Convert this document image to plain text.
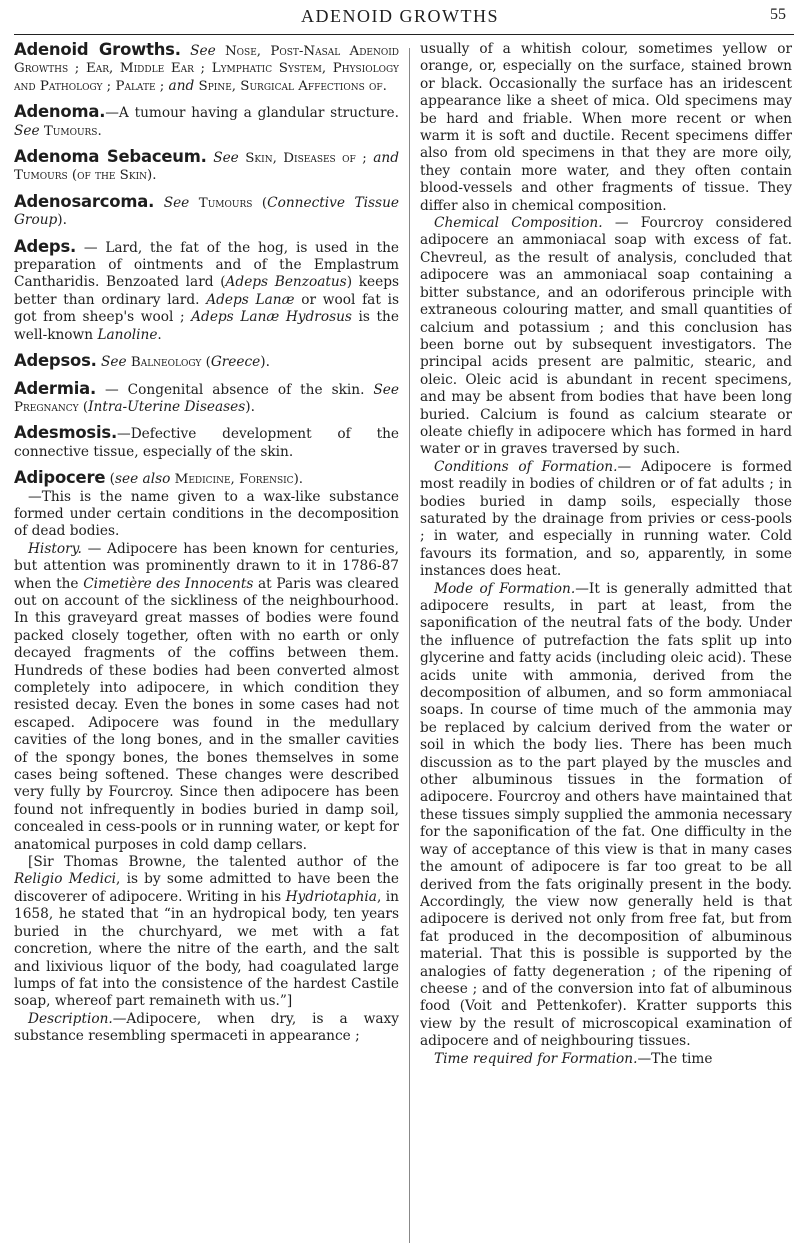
ADENOID GROWTHS	55

Adenoid Growths. See Nose, Post-Nasal Adenoid Growths ; Ear, Middle Ear ; Lymphatic System, Physiology and Pathology ; Palate ; and Spine, Surgical Affections of.

Adenoma.—A tumour having a glandular structure. See Tumours.

Adenoma Sebaceum. See Skin, Diseases of ; and Tumours (of the Skin).

Adenosarcoma. See Tumours (Connective Tissue Group).

Adeps. — Lard, the fat of the hog, is used in the preparation of ointments and of the Emplastrum Cantharidis. Benzoated lard (Adeps Benzoatus) keeps better than ordinary lard. Adeps Lanæ or wool fat is got from sheep's wool ; Adeps Lanæ Hydrosus is the well-known Lanoline.

Adepsos. See Balneology (Greece).

Adermia. — Congenital absence of the skin. See Pregnancy (Intra-Uterine Diseases).

Adesmosis.—Defective development of the connective tissue, especially of the skin.

Adipocere (see also Medicine, Forensic).

—This is the name given to a wax-like substance formed under certain conditions in the decomposition of dead bodies.

History. — Adipocere has been known for centuries, but attention was prominently drawn to it in 1786-87 when the Cimetière des Innocents at Paris was cleared out on account of the sickliness of the neighbourhood. In this graveyard great masses of bodies were found packed closely together, often with no earth or only decayed fragments of the coffins between them. Hundreds of these bodies had been converted almost completely into adipocere, in which condition they resisted decay. Even the bones in some cases had not escaped. Adipocere was found in the medullary cavities of the long bones, and in the smaller cavities of the spongy bones, the bones themselves in some cases being softened. These changes were described very fully by Fourcroy. Since then adipocere has been found not infrequently in bodies buried in damp soil, concealed in cess-pools or in running water, or kept for anatomical purposes in cold damp cellars.

[Sir Thomas Browne, the talented author of the Religio Medici, is by some admitted to have been the discoverer of adipocere. Writing in his Hydriotaphia, in 1658, he stated that “in an hydropical body, ten years buried in the churchyard, we met with a fat concretion, where the nitre of the earth, and the salt and lixivious liquor of the body, had coagulated large lumps of fat into the consistence of the hardest Castile soap, whereof part remaineth with us.”]

Description.—Adipocere, when dry, is a waxy substance resembling spermaceti in appearance ;

usually of a whitish colour, sometimes yellow or orange, or, especially on the surface, stained brown or black. Occasionally the surface has an iridescent appearance like a sheet of mica. Old specimens may be hard and friable. When more recent or when warm it is soft and ductile. Recent specimens differ also from old specimens in that they are more oily, they contain more water, and they often contain blood-vessels and other fragments of tissue. They differ also in chemical composition.

Chemical Composition. — Fourcroy considered adipocere an ammoniacal soap with excess of fat. Chevreul, as the result of analysis, concluded that adipocere was an ammoniacal soap containing a bitter substance, and an odoriferous principle with extraneous colouring matter, and small quantities of calcium and potassium ; and this conclusion has been borne out by subsequent investigators. The principal acids present are palmitic, stearic, and oleic. Oleic acid is abundant in recent specimens, and may be absent from bodies that have been long buried. Calcium is found as calcium stearate or oleate chiefly in adipocere which has formed in hard water or in graves traversed by such.

Conditions of Formation.— Adipocere is formed most readily in bodies of children or of fat adults ; in bodies buried in damp soils, especially those saturated by the drainage from privies or cess-pools ; in water, and especially in running water. Cold favours its formation, and so, apparently, in some instances does heat.

Mode of Formation.—It is generally admitted that adipocere results, in part at least, from the saponification of the neutral fats of the body. Under the influence of putrefaction the fats split up into glycerine and fatty acids (including oleic acid). These acids unite with ammonia, derived from the decomposition of albumen, and so form ammoniacal soaps. In course of time much of the ammonia may be replaced by calcium derived from the water or soil in which the body lies. There has been much discussion as to the part played by the muscles and other albuminous tissues in the formation of adipocere. Fourcroy and others have maintained that these tissues simply supplied the ammonia necessary for the saponification of the fat. One difficulty in the way of acceptance of this view is that in many cases the amount of adipocere is far too great to be all derived from the fats originally present in the body. Accordingly, the view now generally held is that adipocere is derived not only from free fat, but from fat produced in the decomposition of albuminous material. That this is possible is supported by the analogies of fatty degeneration ; of the ripening of cheese ; and of the conversion into fat of albuminous food (Voit and Pettenkofer). Kratter supports this view by the result of microscopical examination of adipocere and of neighbouring tissues.

Time required for Formation.—The time
